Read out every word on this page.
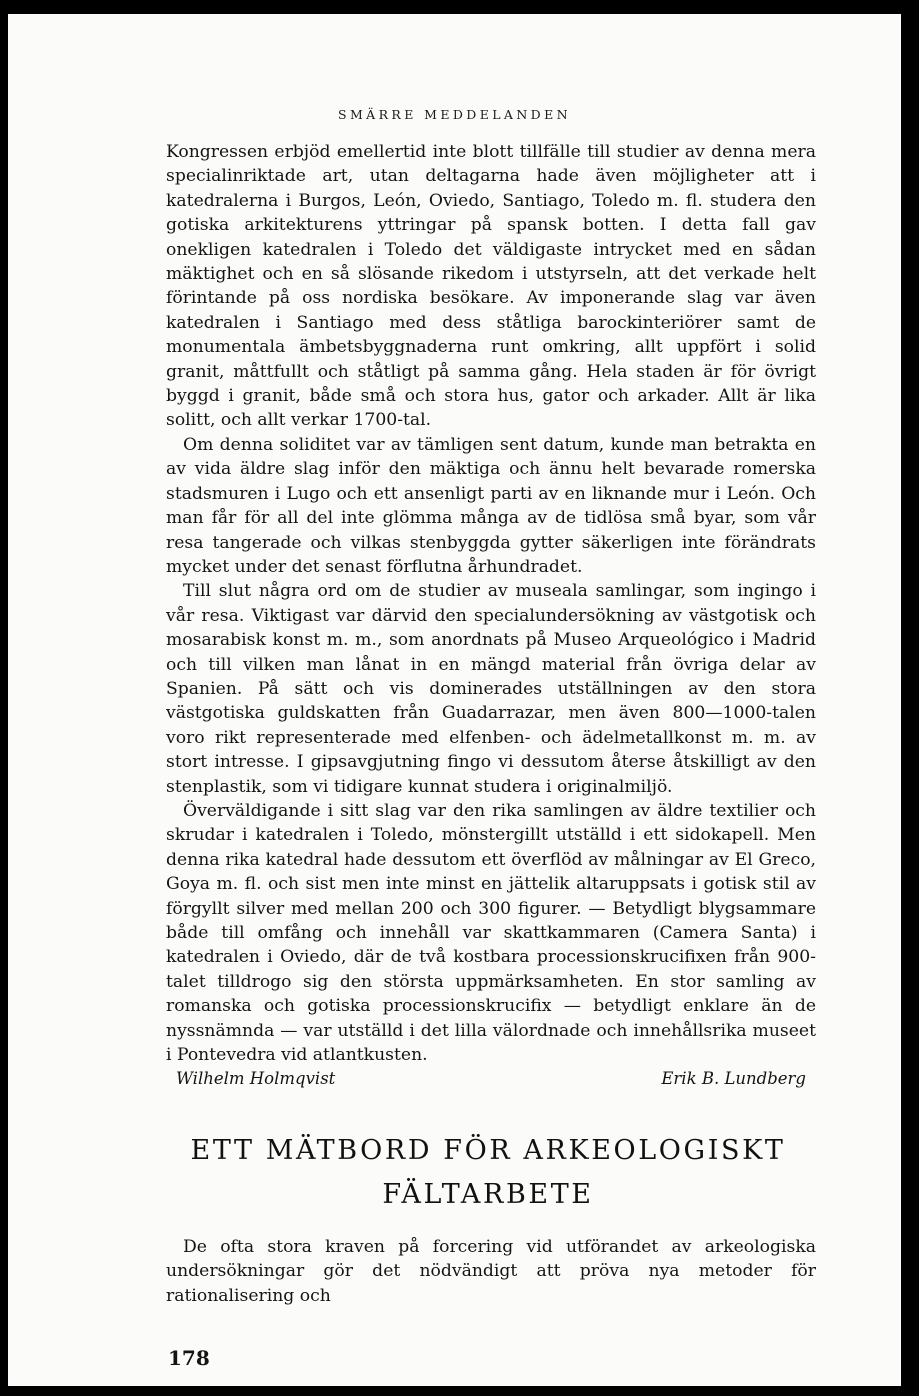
SMÄRRE MEDDELANDEN

Kongressen erbjöd emellertid inte blott tillfälle till studier av denna mera specialinriktade art, utan deltagarna hade även möjligheter att i katedralerna i Burgos, León, Oviedo, Santiago, Toledo m. fl. studera den gotiska arkitekturens yttringar på spansk botten. I detta fall gav onekligen katedralen i Toledo det väldigaste intrycket med en sådan mäktighet och en så slösande rikedom i utstyrseln, att det verkade helt förintande på oss nordiska besökare. Av imponerande slag var även katedralen i Santiago med dess ståtliga barockinteriörer samt de monumentala ämbetsbyggnaderna runt omkring, allt uppfört i solid granit, måttfullt och ståtligt på samma gång. Hela staden är för övrigt byggd i granit, både små och stora hus, gator och arkader. Allt är lika solitt, och allt verkar 1700-tal.

Om denna soliditet var av tämligen sent datum, kunde man betrakta en av vida äldre slag inför den mäktiga och ännu helt bevarade romerska stadsmuren i Lugo och ett ansenligt parti av en liknande mur i León. Och man får för all del inte glömma många av de tidlösa små byar, som vår resa tangerade och vilkas stenbyggda gytter säkerligen inte förändrats mycket under det senast förflutna århundradet.

Till slut några ord om de studier av museala samlingar, som ingingo i vår resa. Viktigast var därvid den specialundersökning av västgotisk och mosarabisk konst m. m., som anordnats på Museo Arqueológico i Madrid och till vilken man lånat in en mängd material från övriga delar av Spanien. På sätt och vis dominerades utställningen av den stora västgotiska guldskatten från Guadarrazar, men även 800—1000-talen voro rikt representerade med elfenben- och ädelmetallkonst m. m. av stort intresse. I gipsavgjutning fingo vi dessutom återse åtskilligt av den stenplastik, som vi tidigare kunnat studera i originalmiljö.

Överväldigande i sitt slag var den rika samlingen av äldre textilier och skrudar i katedralen i Toledo, mönstergillt utställd i ett sidokapell. Men denna rika katedral hade dessutom ett överflöd av målningar av El Greco, Goya m. fl. och sist men inte minst en jättelik altaruppsats i gotisk stil av förgyllt silver med mellan 200 och 300 figurer. — Betydligt blygsammare både till omfång och innehåll var skattkammaren (Camera Santa) i katedralen i Oviedo, där de två kostbara processionskrucifixen från 900-talet tilldrogo sig den största uppmärksamheten. En stor samling av romanska och gotiska processionskrucifix — betydligt enklare än de nyssnämnda — var utställd i det lilla välordnade och innehållsrika museet i Pontevedra vid atlantkusten.

Wilhelm Holmqvist	Erik B. Lundberg
ETT MÄTBORD FÖR ARKEOLOGISKT
FÄLTARBETE

De ofta stora kraven på forcering vid utförandet av arkeologiska undersökningar gör det nödvändigt att pröva nya metoder för rationalisering och

178
